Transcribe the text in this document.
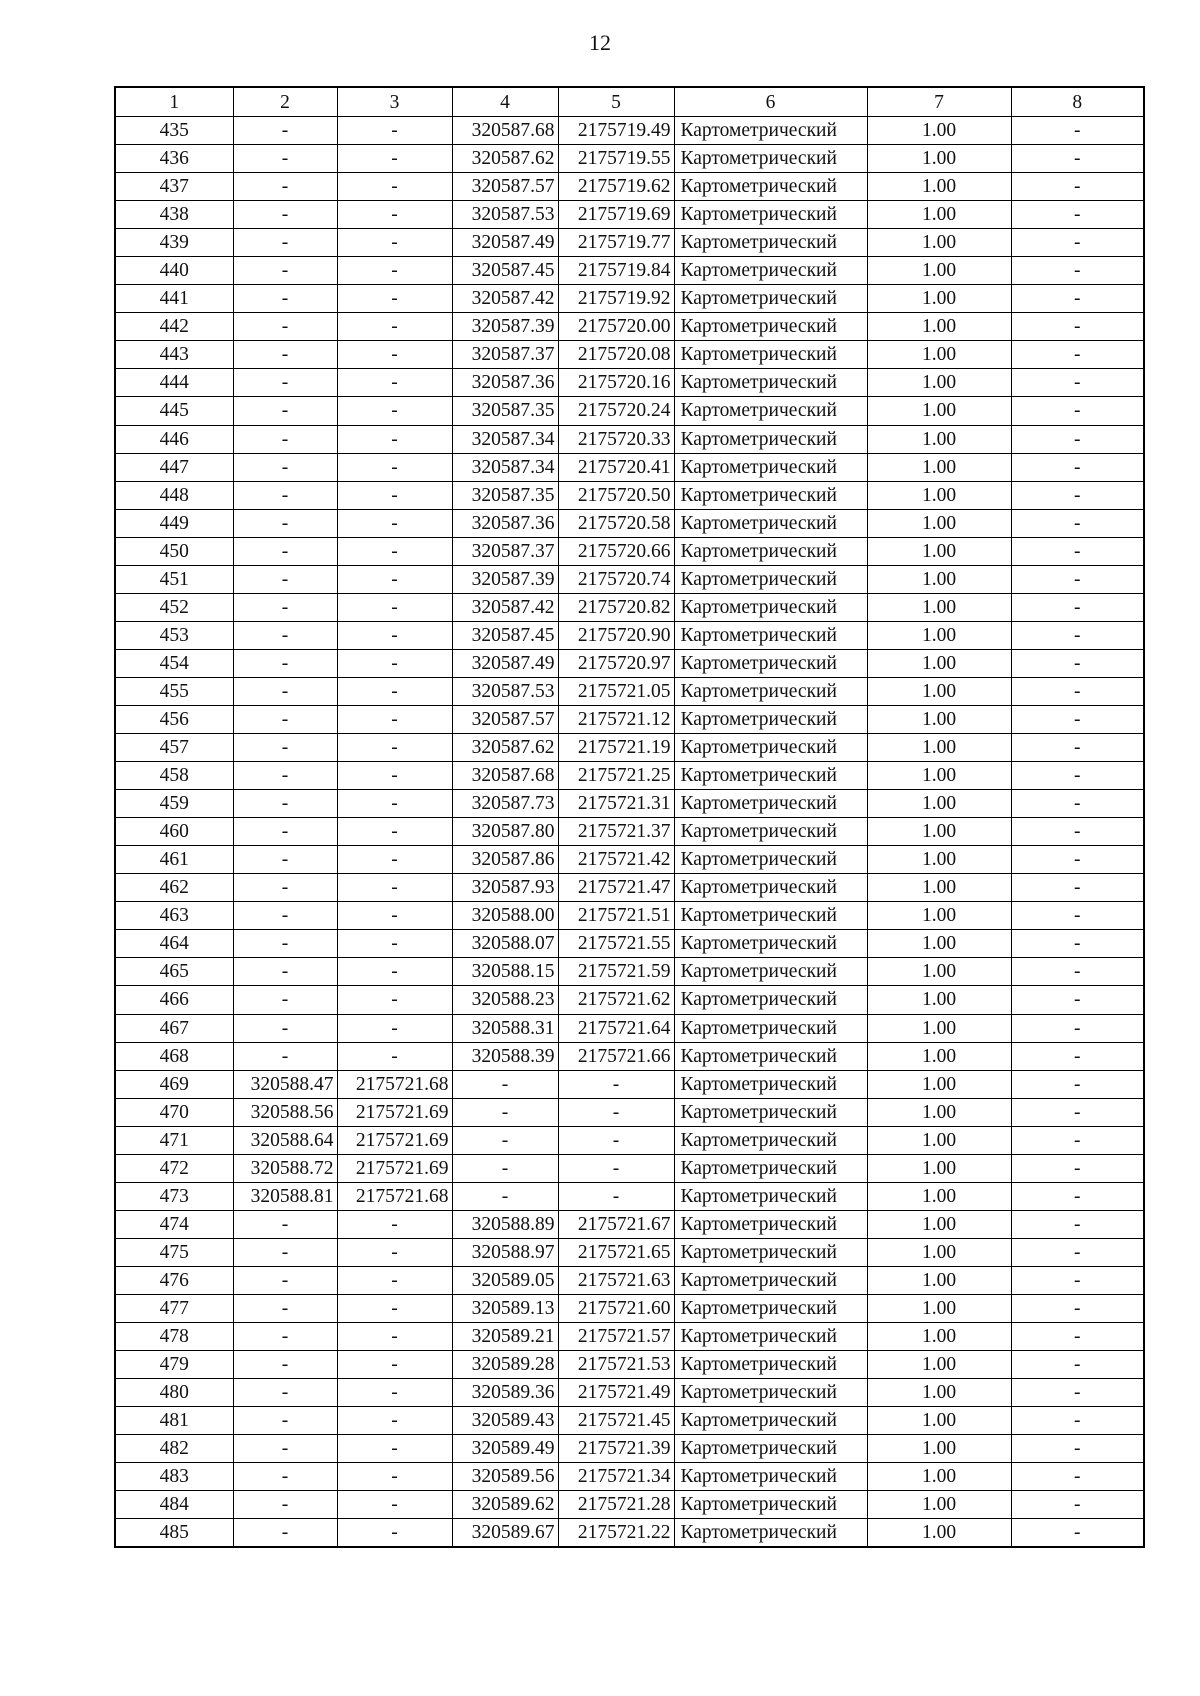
12
1	2	3	4	5	6	7	8
435	-	-	320587.68	2175719.49	Картометрический	1.00	-
436	-	-	320587.62	2175719.55	Картометрический	1.00	-
437	-	-	320587.57	2175719.62	Картометрический	1.00	-
438	-	-	320587.53	2175719.69	Картометрический	1.00	-
439	-	-	320587.49	2175719.77	Картометрический	1.00	-
440	-	-	320587.45	2175719.84	Картометрический	1.00	-
441	-	-	320587.42	2175719.92	Картометрический	1.00	-
442	-	-	320587.39	2175720.00	Картометрический	1.00	-
443	-	-	320587.37	2175720.08	Картометрический	1.00	-
444	-	-	320587.36	2175720.16	Картометрический	1.00	-
445	-	-	320587.35	2175720.24	Картометрический	1.00	-
446	-	-	320587.34	2175720.33	Картометрический	1.00	-
447	-	-	320587.34	2175720.41	Картометрический	1.00	-
448	-	-	320587.35	2175720.50	Картометрический	1.00	-
449	-	-	320587.36	2175720.58	Картометрический	1.00	-
450	-	-	320587.37	2175720.66	Картометрический	1.00	-
451	-	-	320587.39	2175720.74	Картометрический	1.00	-
452	-	-	320587.42	2175720.82	Картометрический	1.00	-
453	-	-	320587.45	2175720.90	Картометрический	1.00	-
454	-	-	320587.49	2175720.97	Картометрический	1.00	-
455	-	-	320587.53	2175721.05	Картометрический	1.00	-
456	-	-	320587.57	2175721.12	Картометрический	1.00	-
457	-	-	320587.62	2175721.19	Картометрический	1.00	-
458	-	-	320587.68	2175721.25	Картометрический	1.00	-
459	-	-	320587.73	2175721.31	Картометрический	1.00	-
460	-	-	320587.80	2175721.37	Картометрический	1.00	-
461	-	-	320587.86	2175721.42	Картометрический	1.00	-
462	-	-	320587.93	2175721.47	Картометрический	1.00	-
463	-	-	320588.00	2175721.51	Картометрический	1.00	-
464	-	-	320588.07	2175721.55	Картометрический	1.00	-
465	-	-	320588.15	2175721.59	Картометрический	1.00	-
466	-	-	320588.23	2175721.62	Картометрический	1.00	-
467	-	-	320588.31	2175721.64	Картометрический	1.00	-
468	-	-	320588.39	2175721.66	Картометрический	1.00	-
469	320588.47	2175721.68	-	-	Картометрический	1.00	-
470	320588.56	2175721.69	-	-	Картометрический	1.00	-
471	320588.64	2175721.69	-	-	Картометрический	1.00	-
472	320588.72	2175721.69	-	-	Картометрический	1.00	-
473	320588.81	2175721.68	-	-	Картометрический	1.00	-
474	-	-	320588.89	2175721.67	Картометрический	1.00	-
475	-	-	320588.97	2175721.65	Картометрический	1.00	-
476	-	-	320589.05	2175721.63	Картометрический	1.00	-
477	-	-	320589.13	2175721.60	Картометрический	1.00	-
478	-	-	320589.21	2175721.57	Картометрический	1.00	-
479	-	-	320589.28	2175721.53	Картометрический	1.00	-
480	-	-	320589.36	2175721.49	Картометрический	1.00	-
481	-	-	320589.43	2175721.45	Картометрический	1.00	-
482	-	-	320589.49	2175721.39	Картометрический	1.00	-
483	-	-	320589.56	2175721.34	Картометрический	1.00	-
484	-	-	320589.62	2175721.28	Картометрический	1.00	-
485	-	-	320589.67	2175721.22	Картометрический	1.00	-
